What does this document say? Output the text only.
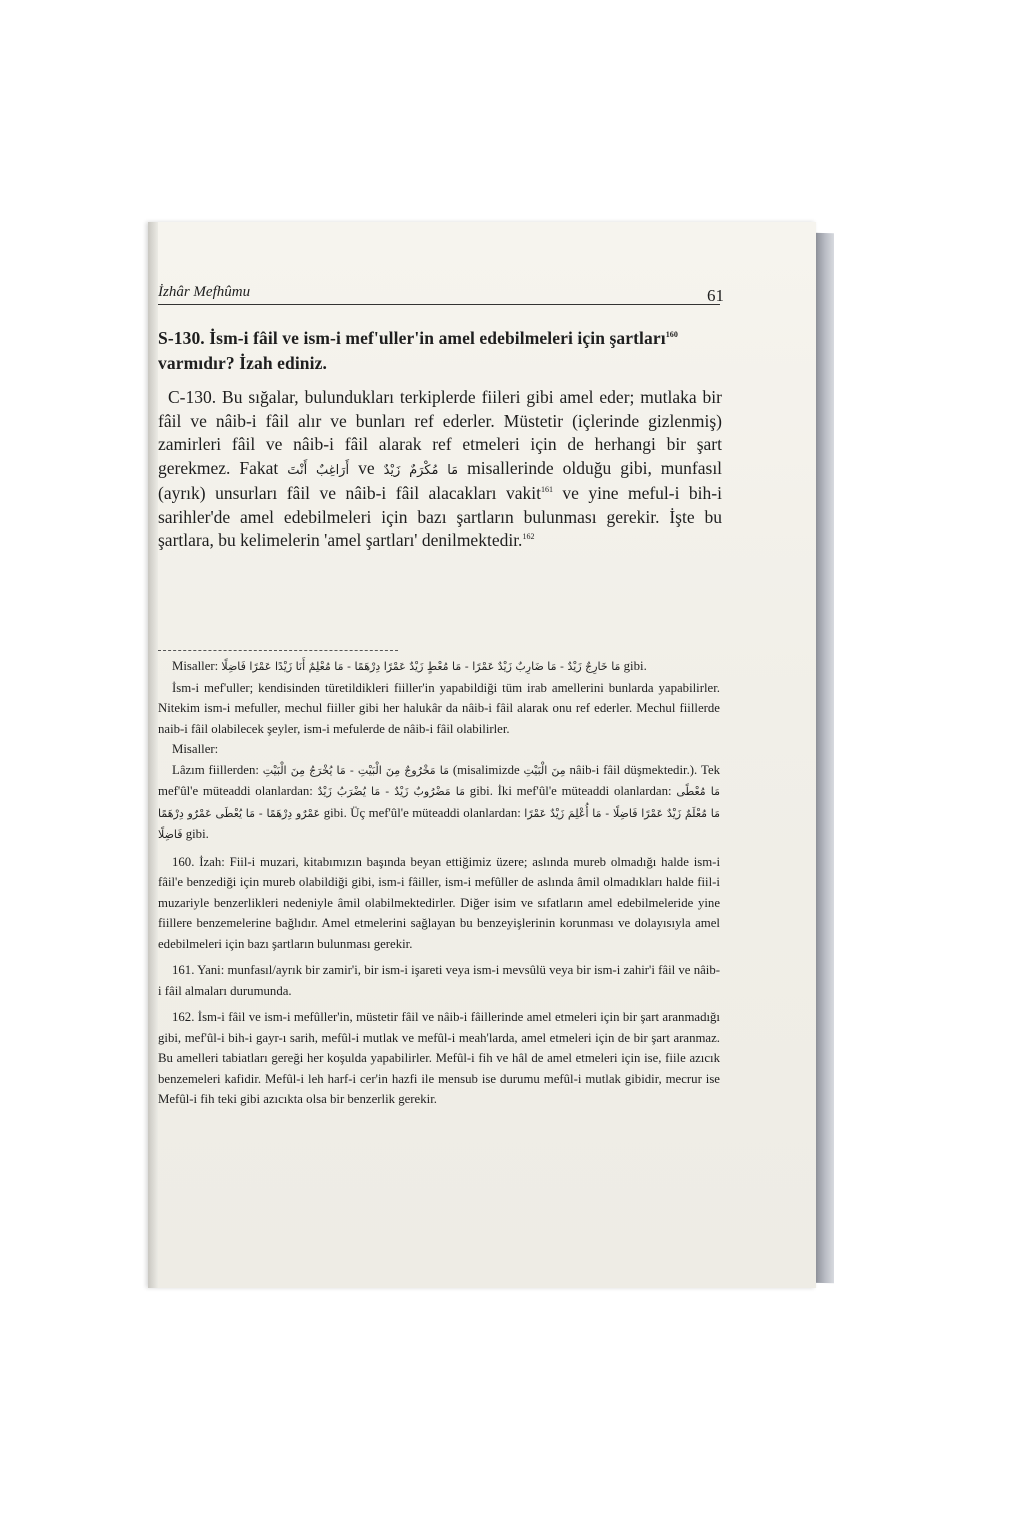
İzhâr Mefhûmu	61

S-130. İsm-i fâil ve ism-i mef'uller'in amel edebilmeleri için şartları$^{160}$ varmıdır? İzah ediniz.

C-130. Bu sığalar, bulundukları terkiplerde fiileri gibi amel eder; mutlaka bir fâil ve nâib-i fâil alır ve bunları ref ederler. Müstetir (içlerinde gizlenmiş) zamirleri fâil ve nâib-i fâil alarak ref etmeleri için de herhangi bir şart gerekmez. Fakat أَرَاغِبٌ أَنْتَ ve مَا مُكْرَمٌ زَيْدٌ misallerinde olduğu gibi, munfasıl (ayrık) unsurları fâil ve nâib-i fâil alacakları vakit$^{161}$ ve yine meful-i bih-i sarihler'de amel edebilmeleri için bazı şartların bulunması gerekir. İşte bu şartlara, bu kelimelerin 'amel şartları' denilmektedir.$^{162}$

Misaller: مَا خَارِجٌ زَيْدٌ - مَا ضَارِبٌ زَيْدٌ عَمْرًا - مَا مُعْطٍ زَيْدٌ عَمْرًا دِرْهَمًا - مَا مُعْلِمٌ أَنَا زَيْدًا عَمْرًا فَاضِلًا gibi.

İsm-i mef'uller; kendisinden türetildikleri fiiller'in yapabildiği tüm irab amellerini bunlarda yapabilirler. Nitekim ism-i mefuller, mechul fiiller gibi her halukâr da nâib-i fâil alarak onu ref ederler. Mechul fiillerde naib-i fâil olabilecek şeyler, ism-i mefulerde de nâib-i fâil olabilirler.

Misaller:

Lâzım fiillerden: مَا مَخْرُوجٌ مِنَ الْبَيْتِ - مَا يُخْرَجُ مِنَ الْبَيْتِ (misalimizde مِنَ الْبَيْتِ nâib-i fâil düşmektedir.). Tek mef'ûl'e müteaddi olanlardan: مَا مَضْرُوبٌ زَيْدٌ - مَا يُضْرَبُ زَيْدٌ gibi. İki mef'ûl'e müteaddi olanlardan: مَا مُعْطًى عَمْرٌو دِرْهَمًا - مَا يُعْطَى عَمْرٌو دِرْهَمًا gibi. Üç mef'ûl'e müteaddi olanlardan: مَا مُعْلَمٌ زَيْدٌ عَمْرًا فَاضِلًا - مَا أُعْلِمَ زَيْدٌ عَمْرًا فَاضِلًا gibi.

160. İzah: Fiil-i muzari, kitabımızın başında beyan ettiğimiz üzere; aslında mureb olmadığı halde ism-i fâil'e benzediği için mureb olabildiği gibi, ism-i fâiller, ism-i mefûller de aslında âmil olmadıkları halde fiil-i muzariyle benzerlikleri nedeniyle âmil olabilmektedirler. Diğer isim ve sıfatların amel edebilmeleride yine fiillere benzemelerine bağlıdır. Amel etmelerini sağlayan bu benzeyişlerinin korunması ve dolayısıyla amel edebilmeleri için bazı şartların bulunması gerekir.

161. Yani: munfasıl/ayrık bir zamir'i, bir ism-i işareti veya ism-i mevsûlü veya bir ism-i zahir'i fâil ve nâib-i fâil almaları durumunda.

162. İsm-i fâil ve ism-i mefûller'in, müstetir fâil ve nâib-i fâillerinde amel etmeleri için bir şart aranmadığı gibi, mef'ûl-i bih-i gayr-ı sarih, mefûl-i mutlak ve mefûl-i meah'larda, amel etmeleri için de bir şart aranmaz. Bu amelleri tabiatları gereği her koşulda yapabilirler. Mefûl-i fih ve hâl de amel etmeleri için ise, fiile azıcık benzemeleri kafidir. Mefûl-i leh harf-i cer'in hazfi ile mensub ise durumu mefûl-i mutlak gibidir, mecrur ise Mefûl-i fih teki gibi azıcıkta olsa bir benzerlik gerekir.
